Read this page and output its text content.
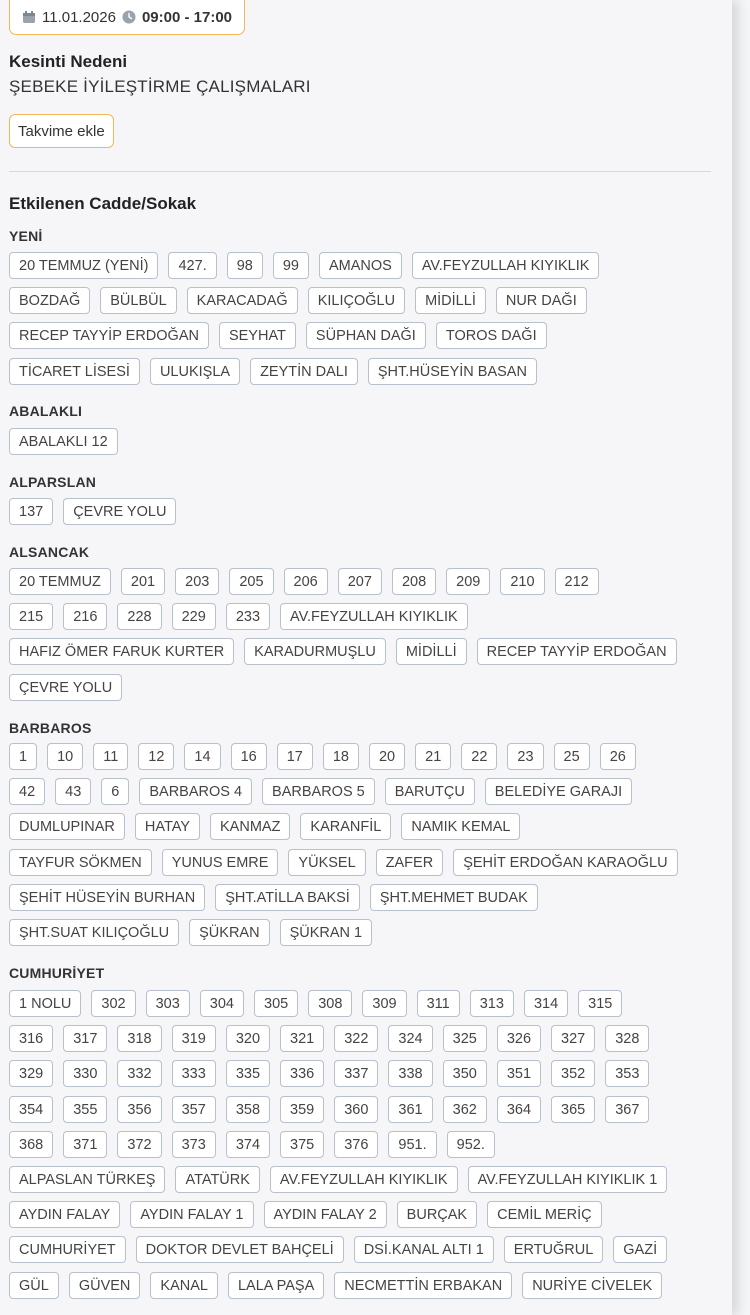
11.01.2026 09:00 - 17:00
Kesinti Nedeni
ŞEBEKE İYİLEŞTİRME ÇALIŞMALARI
Takvime ekle
Etkilenen Cadde/Sokak
YENİ
20 TEMMUZ (YENİ)	427.	98	99	AMANOS	AV.FEYZULLAH KIYIKLIK
BOZDAĞ	BÜLBÜL	KARACADAĞ	KILIÇOĞLU	MİDİLLİ	NUR DAĞI
RECEP TAYYİP ERDOĞAN	SEYHAT	SÜPHAN DAĞI	TOROS DAĞI
TİCARET LİSESİ	ULUKIŞLA	ZEYTİN DALI	ŞHT.HÜSEYİN BASAN
ABALAKLI
ABALAKLI 12
ALPARSLAN
137	ÇEVRE YOLU
ALSANCAK
20 TEMMUZ	201	203	205	206	207	208	209	210	212
215	216	228	229	233	AV.FEYZULLAH KIYIKLIK
HAFIZ ÖMER FARUK KURTER	KARADURMUŞLU	MİDİLLİ	RECEP TAYYİP ERDOĞAN
ÇEVRE YOLU
BARBAROS
1	10	11	12	14	16	17	18	20	21	22	23	25	26
42	43	6	BARBAROS 4	BARBAROS 5	BARUTÇU	BELEDİYE GARAJI
DUMLUPINAR	HATAY	KANMAZ	KARANFİL	NAMIK KEMAL
TAYFUR SÖKMEN	YUNUS EMRE	YÜKSEL	ZAFER	ŞEHİT ERDOĞAN KARAOĞLU
ŞEHİT HÜSEYİN BURHAN	ŞHT.ATİLLA BAKSİ	ŞHT.MEHMET BUDAK
ŞHT.SUAT KILIÇOĞLU	ŞÜKRAN	ŞÜKRAN 1
CUMHURİYET
1 NOLU	302	303	304	305	308	309	311	313	314	315
316	317	318	319	320	321	322	324	325	326	327	328
329	330	332	333	335	336	337	338	350	351	352	353
354	355	356	357	358	359	360	361	362	364	365	367
368	371	372	373	374	375	376	951.	952.
ALPASLAN TÜRKEŞ	ATATÜRK	AV.FEYZULLAH KIYIKLIK	AV.FEYZULLAH KIYIKLIK 1
AYDIN FALAY	AYDIN FALAY 1	AYDIN FALAY 2	BURÇAK	CEMİL MERİÇ
CUMHURİYET	DOKTOR DEVLET BAHÇELİ	DSİ.KANAL ALTI 1	ERTUĞRUL	GAZİ
GÜL	GÜVEN	KANAL	LALA PAŞA	NECMETTİN ERBAKAN	NURİYE CİVELEK
